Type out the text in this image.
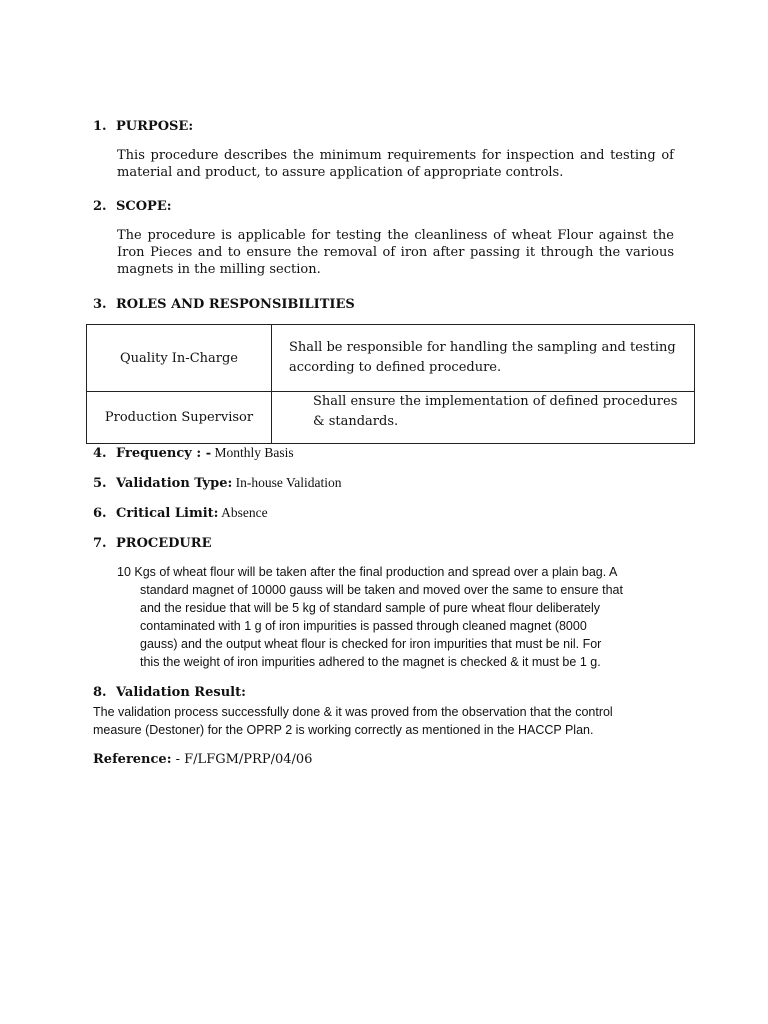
1. PURPOSE:
This procedure describes the minimum requirements for inspection and testing of
material and product, to assure application of appropriate controls.
2. SCOPE:
The procedure is applicable for testing the cleanliness of wheat Flour against the
Iron Pieces and to ensure the removal of iron after passing it through the various
magnets in the milling section.
3. ROLES AND RESPONSIBILITIES
Quality In-Charge	Shall be responsible for handling the sampling and testing
according to defined procedure.

Production Supervisor	Shall ensure the implementation of defined procedures
& standards.
4. Frequency : - Monthly Basis
5. Validation Type: In-house Validation
6. Critical Limit: Absence
7. PROCEDURE
10 Kgs of wheat flour will be taken after the final production and spread over a plain bag. A
standard magnet of 10000 gauss will be taken and moved over the same to ensure that
and the residue that will be 5 kg of standard sample of pure wheat flour deliberately
contaminated with 1 g of iron impurities is passed through cleaned magnet (8000
gauss) and the output wheat flour is checked for iron impurities that must be nil. For
this the weight of iron impurities adhered to the magnet is checked & it must be 1 g.
8. Validation Result:
The validation process successfully done & it was proved from the observation that the control
measure (Destoner) for the OPRP 2 is working correctly as mentioned in the HACCP Plan.
Reference: - F/LFGM/PRP/04/06
